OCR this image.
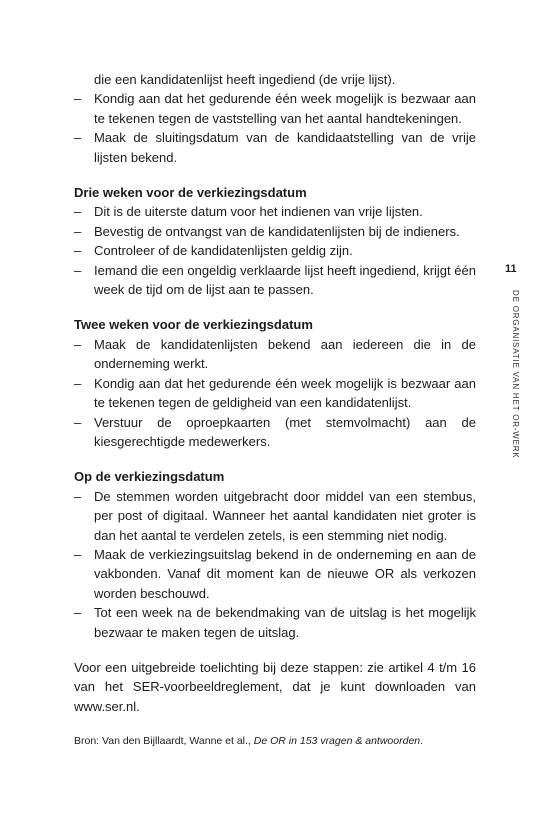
11
DE ORGANISATIE VAN HET OR-WERK
die een kandidatenlijst heeft ingediend (de vrije lijst).
– Kondig aan dat het gedurende één week mogelijk is bezwaar aan te tekenen tegen de vaststelling van het aantal handtekeningen.
– Maak de sluitingsdatum van de kandidaatstelling van de vrije lijsten bekend.

Drie weken voor de verkiezingsdatum

– Dit is de uiterste datum voor het indienen van vrije lijsten.
– Bevestig de ontvangst van de kandidatenlijsten bij de indieners.
– Controleer of de kandidatenlijsten geldig zijn.
– Iemand die een ongeldig verklaarde lijst heeft ingediend, krijgt één week de tijd om de lijst aan te passen.

Twee weken voor de verkiezingsdatum

– Maak de kandidatenlijsten bekend aan iedereen die in de onderneming werkt.
– Kondig aan dat het gedurende één week mogelijk is bezwaar aan te tekenen tegen de geldigheid van een kandidatenlijst.
– Verstuur de oproepkaarten (met stemvolmacht) aan de kiesgerechtigde medewerkers.

Op de verkiezingsdatum

– De stemmen worden uitgebracht door middel van een stembus, per post of digitaal. Wanneer het aantal kandidaten niet groter is dan het aantal te verdelen zetels, is een stemming niet nodig.
– Maak de verkiezingsuitslag bekend in de onderneming en aan de vakbonden. Vanaf dit moment kan de nieuwe OR als verkozen worden beschouwd.
– Tot een week na de bekendmaking van de uitslag is het mogelijk bezwaar te maken tegen de uitslag.

Voor een uitgebreide toelichting bij deze stappen: zie artikel 4 t/m 16 van het SER-voorbeeldreglement, dat je kunt downloaden van www.ser.nl.

Bron: Van den Bijllaardt, Wanne et al., De OR in 153 vragen & antwoorden.
